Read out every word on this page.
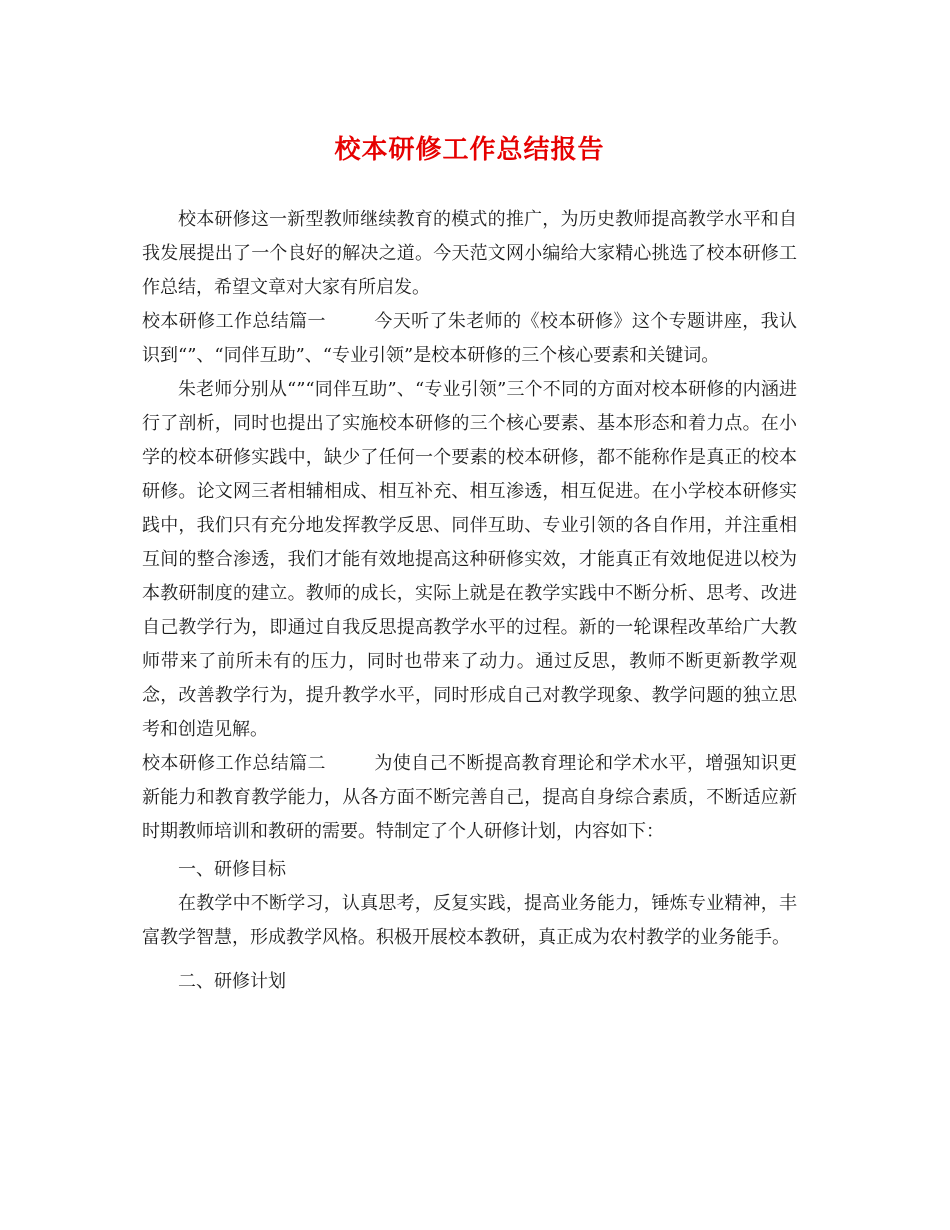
校本研修工作总结报告

校本研修这一新型教师继续教育的模式的推广，为历史教师提高教学水平和自我发展提出了一个良好的解决之道。今天范文网小编给大家精心挑选了校本研修工作总结，希望文章对大家有所启发。

校本研修工作总结篇一	今天听了朱老师的《校本研修》这个专题讲座，我认识到“”、“同伴互助”、“专业引领”是校本研修的三个核心要素和关键词。

朱老师分别从“”“同伴互助”、“专业引领”三个不同的方面对校本研修的内涵进行了剖析，同时也提出了实施校本研修的三个核心要素、基本形态和着力点。在小学的校本研修实践中，缺少了任何一个要素的校本研修，都不能称作是真正的校本研修。论文网三者相辅相成、相互补充、相互渗透，相互促进。在小学校本研修实践中，我们只有充分地发挥教学反思、同伴互助、专业引领的各自作用，并注重相互间的整合渗透，我们才能有效地提高这种研修实效，才能真正有效地促进以校为本教研制度的建立。教师的成长，实际上就是在教学实践中不断分析、思考、改进自己教学行为，即通过自我反思提高教学水平的过程。新的一轮课程改革给广大教师带来了前所未有的压力，同时也带来了动力。通过反思，教师不断更新教学观念，改善教学行为，提升教学水平，同时形成自己对教学现象、教学问题的独立思考和创造见解。

校本研修工作总结篇二	为使自己不断提高教育理论和学术水平，增强知识更新能力和教育教学能力，从各方面不断完善自己，提高自身综合素质，不断适应新时期教师培训和教研的需要。特制定了个人研修计划，内容如下：

一、研修目标

在教学中不断学习，认真思考，反复实践，提高业务能力，锤炼专业精神，丰富教学智慧，形成教学风格。积极开展校本教研，真正成为农村教学的业务能手。

二、研修计划
